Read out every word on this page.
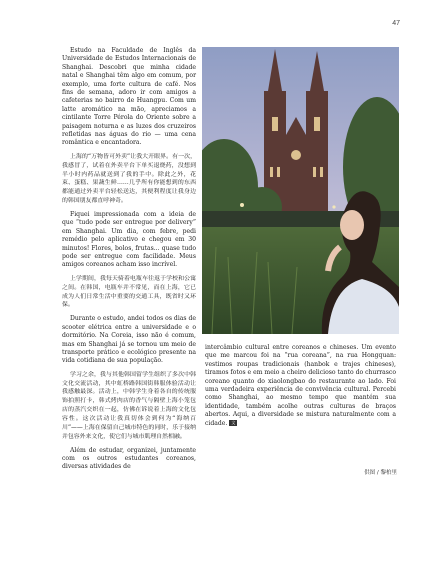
47

Estudo na Faculdade de Inglês da Universidade de Estudos Internacionais de Shanghai. Descobri que minha cidade natal e Shanghai têm algo em comum, por exemplo, uma forte cultura de café. Nos fins de semana, adoro ir com amigos a cafeterias no bairro de Huangpu. Com um latte aromático na mão, apreciamos a cintilante Torre Pérola do Oriente sobre a paisagem noturna e as luzes dos cruzeiros refletidas nas águas do rio — uma cena romântica e encantadora.

上海的“万物皆可外卖”让我大开眼界。有一次，我感冒了，试着在外卖平台下单买退烧药，没想到半小时内药品就送到了我的手中。除此之外，花束、蛋糕、果蔬生鲜……几乎所有你能想到的东西都能通过外卖平台轻松送达，其便利程度让我身边的韩国朋友都直呼神奇。

Fiquei impressionada com a ideia de que “tudo pode ser entregue por delivery” em Shanghai. Um dia, com febre, pedi remédio pelo aplicativo e chegou em 30 minutos! Flores, bolos, frutas... quase tudo pode ser entregue com facilidade. Meus amigos coreanos acham isso incrível.

上学期间，我每天骑着电瓶车往返于学校和公寓之间。在韩国，电瓶车并不常见，而在上海，它已成为人们日常生活中重要的交通工具，既省时又环保。

Durante o estudo, andei todos os dias de scooter elétrica entre a universidade e o dormitório. Na Coreia, isso não é comum, mas em Shanghai já se tornou um meio de transporte prático e ecológico presente na vida cotidiana de sua população.

学习之余，我与其他韩国留学生组织了多次中韩文化交流活动，其中虹桥路韩国街韩服体验活动让我感触最深。活动上，中韩学生身着各自的传统服饰拍照打卡，韩式烤肉店的香气与隔壁上海小笼包店的蒸汽交织在一起，仿佛在诉说着上海的文化包容性。这次活动让我真切体会到何为“海纳百川”——上海在保留自己城市特色的同时，乐于接纳并包容外来文化，使它们与城市肌理自然相融。

Além de estudar, organizei, juntamente com os outros estudantes coreanos, diversas atividades de

intercâmbio cultural entre coreanos e chineses. Um evento que me marcou foi na “rua coreana”, na rua Hongquan: vestimos roupas tradicionais (hanbok e trajes chineses), tiramos fotos e em meio a cheiro delicioso tanto do churrasco coreano quanto do xiaolongbao do restaurante ao lado. Foi uma verdadeira experiência de convivência cultural. Percebi como Shanghai, ao mesmo tempo que mantém sua identidade, também acolhe outras culturas de braços abertos. Aqui, a diversidade se mistura naturalmente com a cidade. 文

供图 / 黎柏里
